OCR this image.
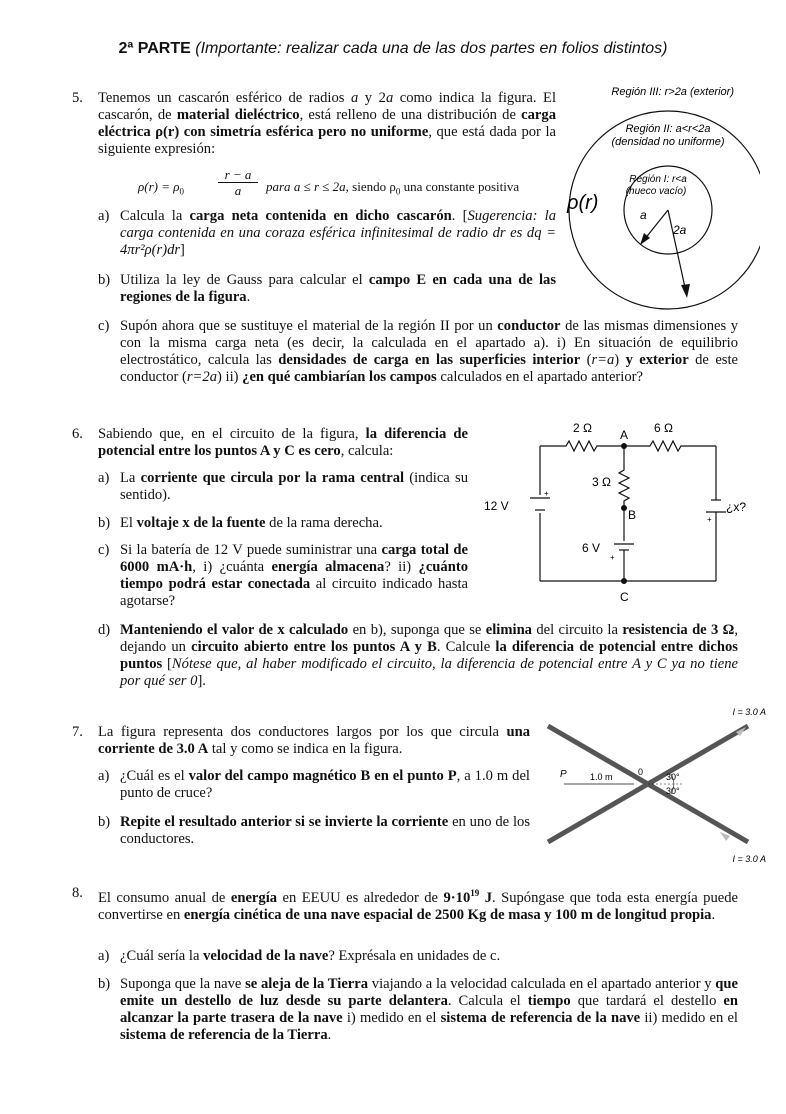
2ª PARTE (Importante: realizar cada una de las dos partes en folios distintos)
5. Tenemos un cascarón esférico de radios a y 2a como indica la figura. El cascarón, de material dieléctrico, está relleno de una distribución de carga eléctrica ρ(r) con simetría esférica pero no uniforme, que está dada por la siguiente expresión:
$\rho(r) = \rho_0$
r − a
a	para a ≤ r ≤ 2a, siendo $\rho_0$ una constante positiva
a) Calcula la carga neta contenida en dicho cascarón. [Sugerencia: la carga contenida en una coraza esférica infinitesimal de radio dr es dq = 4πr²ρ(r)dr]
b) Utiliza la ley de Gauss para calcular el campo E en cada una de las regiones de la figura.
c) Supón ahora que se sustituye el material de la región II por un conductor de las mismas dimensiones y con la misma carga neta (es decir, la calculada en el apartado a). i) En situación de equilibrio electrostático, calcula las densidades de carga en las superficies interior (r=a) y exterior de este conductor (r=2a) ii) ¿en qué cambiarían los campos calculados en el apartado anterior?
Región III: r>2a (exterior)
Región II: a<r<2a
(densidad no uniforme)
Región I: r<a
(hueco vacío)
ρ(r)
a
2a
6. Sabiendo que, en el circuito de la figura, la diferencia de potencial entre los puntos A y C es cero, calcula:
a) La corriente que circula por la rama central (indica su sentido).
b) El voltaje x de la fuente de la rama derecha.
c) Si la batería de 12 V puede suministrar una carga total de 6000 mA·h, i) ¿cuánta energía almacena? ii) ¿cuánto tiempo podrá estar conectada al circuito indicado hasta agotarse?
d) Manteniendo el valor de x calculado en b), suponga que se elimina del circuito la resistencia de 3 Ω, dejando un circuito abierto entre los puntos A y B. Calcule la diferencia de potencial entre dichos puntos [Nótese que, al haber modificado el circuito, la diferencia de potencial entre A y C ya no tiene por qué ser 0].
2 Ω	6 Ω
3 Ω
A
B
C
12 V
+
6 V
+
¿x?
+
7. La figura representa dos conductores largos por los que circula una corriente de 3.0 A tal y como se indica en la figura.
a) ¿Cuál es el valor del campo magnético B en el punto P, a 1.0 m del punto de cruce?
b) Repite el resultado anterior si se invierte la corriente en uno de los conductores.
I = 3.0 A
I = 3.0 A
P	1.0 m	0	30°
30°
8. El consumo anual de energía en EEUU es alrededor de $9\cdot 10^{19}$ J. Supóngase que toda esta energía puede convertirse en energía cinética de una nave espacial de 2500 Kg de masa y 100 m de longitud propia.
a) ¿Cuál sería la velocidad de la nave? Exprésala en unidades de c.
b) Suponga que la nave se aleja de la Tierra viajando a la velocidad calculada en el apartado anterior y que emite un destello de luz desde su parte delantera. Calcula el tiempo que tardará el destello en alcanzar la parte trasera de la nave i) medido en el sistema de referencia de la nave ii) medido en el sistema de referencia de la Tierra.
